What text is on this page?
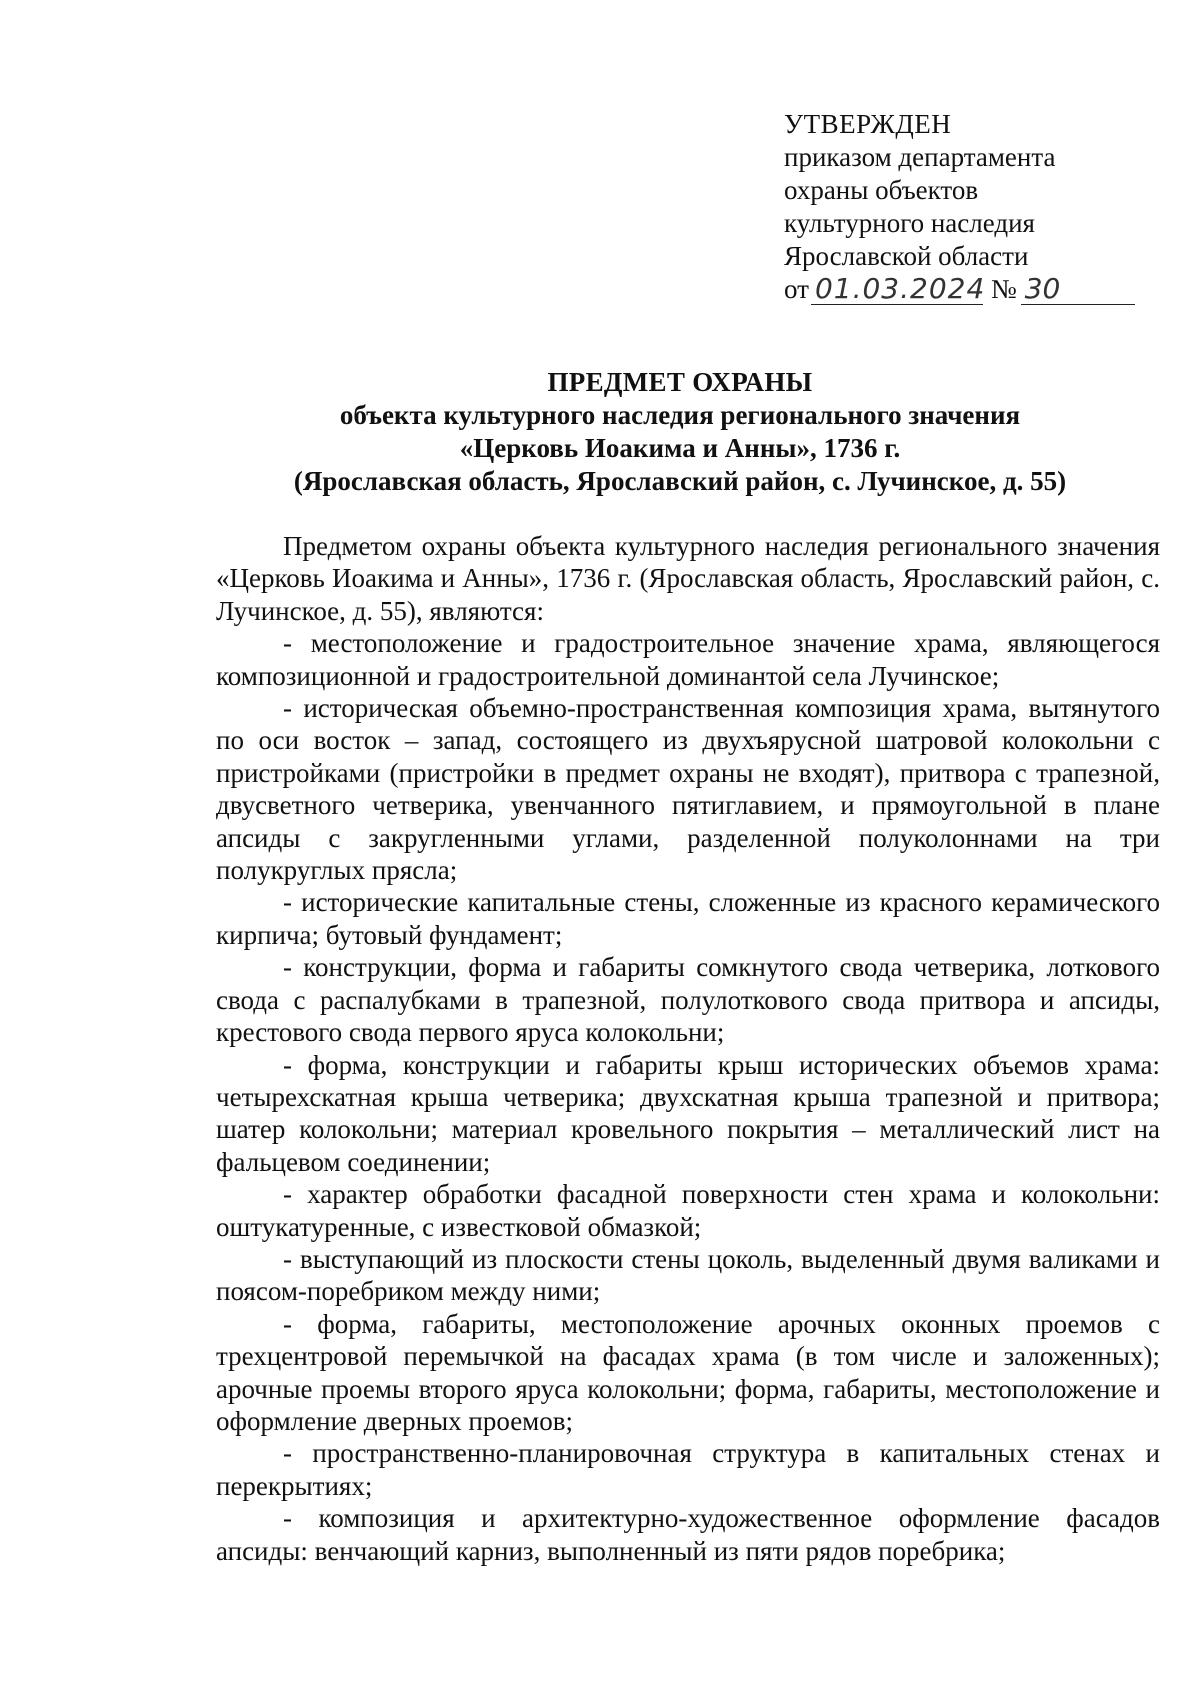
УТВЕРЖДЕН
приказом департамента
охраны объектов
культурного наследия
Ярославской области
от 01.03.2024 № 30
ПРЕДМЕТ ОХРАНЫ
объекта культурного наследия регионального значения
«Церковь Иоакима и Анны», 1736 г.
(Ярославская область, Ярославский район, с. Лучинское, д. 55)

Предметом охраны объекта культурного наследия регионального значения «Церковь Иоакима и Анны», 1736 г. (Ярославская область, Ярославский район, с. Лучинское, д. 55), являются:

- местоположение и градостроительное значение храма, являющегося композиционной и градостроительной доминантой села Лучинское;

- историческая объемно-пространственная композиция храма, вытянутого по оси восток – запад, состоящего из двухъярусной шатровой колокольни с пристройками (пристройки в предмет охраны не входят), притвора с трапезной, двусветного четверика, увенчанного пятиглавием, и прямоугольной в плане апсиды с закругленными углами, разделенной полуколоннами на три полукруглых прясла;

- исторические капитальные стены, сложенные из красного керамического кирпича; бутовый фундамент;

- конструкции, форма и габариты сомкнутого свода четверика, лоткового свода с распалубками в трапезной, полулоткового свода притвора и апсиды, крестового свода первого яруса колокольни;

- форма, конструкции и габариты крыш исторических объемов храма: четырехскатная крыша четверика; двухскатная крыша трапезной и притвора; шатер колокольни; материал кровельного покрытия – металлический лист на фальцевом соединении;

- характер обработки фасадной поверхности стен храма и колокольни: оштукатуренные, с известковой обмазкой;

- выступающий из плоскости стены цоколь, выделенный двумя валиками и поясом-поребриком между ними;

- форма, габариты, местоположение арочных оконных проемов с трехцентровой перемычкой на фасадах храма (в том числе и заложенных); арочные проемы второго яруса колокольни; форма, габариты, местоположение и оформление дверных проемов;

- пространственно-планировочная структура в капитальных стенах и перекрытиях;

- композиция и архитектурно-художественное оформление фасадов апсиды: венчающий карниз, выполненный из пяти рядов поребрика;
